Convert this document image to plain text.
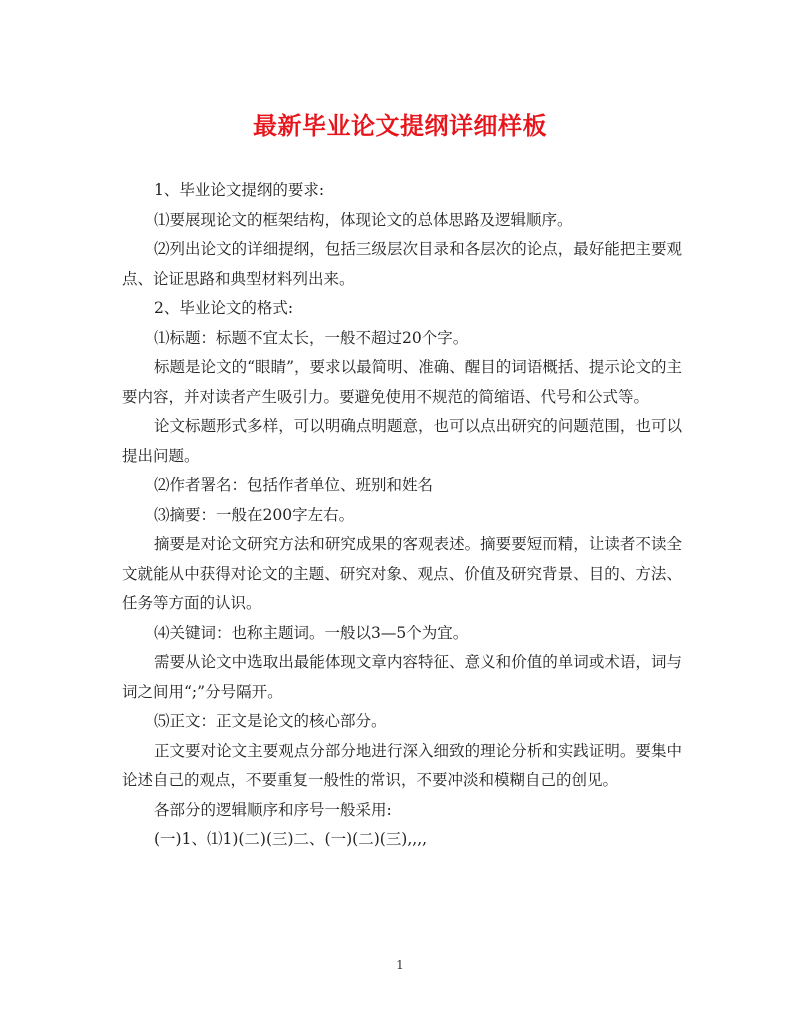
最新毕业论文提纲详细样板

1、毕业论文提纲的要求:

⑴要展现论文的框架结构，体现论文的总体思路及逻辑顺序。

⑵列出论文的详细提纲，包括三级层次目录和各层次的论点，最好能把主要观点、论证思路和典型材料列出来。

2、毕业论文的格式:

⑴标题：标题不宜太长，一般不超过20个字。

标题是论文的“眼睛”，要求以最简明、准确、醒目的词语概括、提示论文的主要内容，并对读者产生吸引力。要避免使用不规范的简缩语、代号和公式等。

论文标题形式多样，可以明确点明题意，也可以点出研究的问题范围，也可以提出问题。

⑵作者署名：包括作者单位、班别和姓名

⑶摘要：一般在200字左右。

摘要是对论文研究方法和研究成果的客观表述。摘要要短而精，让读者不读全文就能从中获得对论文的主题、研究对象、观点、价值及研究背景、目的、方法、任务等方面的认识。

⑷关键词：也称主题词。一般以3—5个为宜。

需要从论文中选取出最能体现文章内容特征、意义和价值的单词或术语，词与词之间用“;”分号隔开。

⑸正文：正文是论文的核心部分。

正文要对论文主要观点分部分地进行深入细致的理论分析和实践证明。要集中论述自己的观点，不要重复一般性的常识，不要冲淡和模糊自己的创见。

各部分的逻辑顺序和序号一般采用:

(一)1、⑴1)(二)(三)二、(一)(二)(三),,,,

1
